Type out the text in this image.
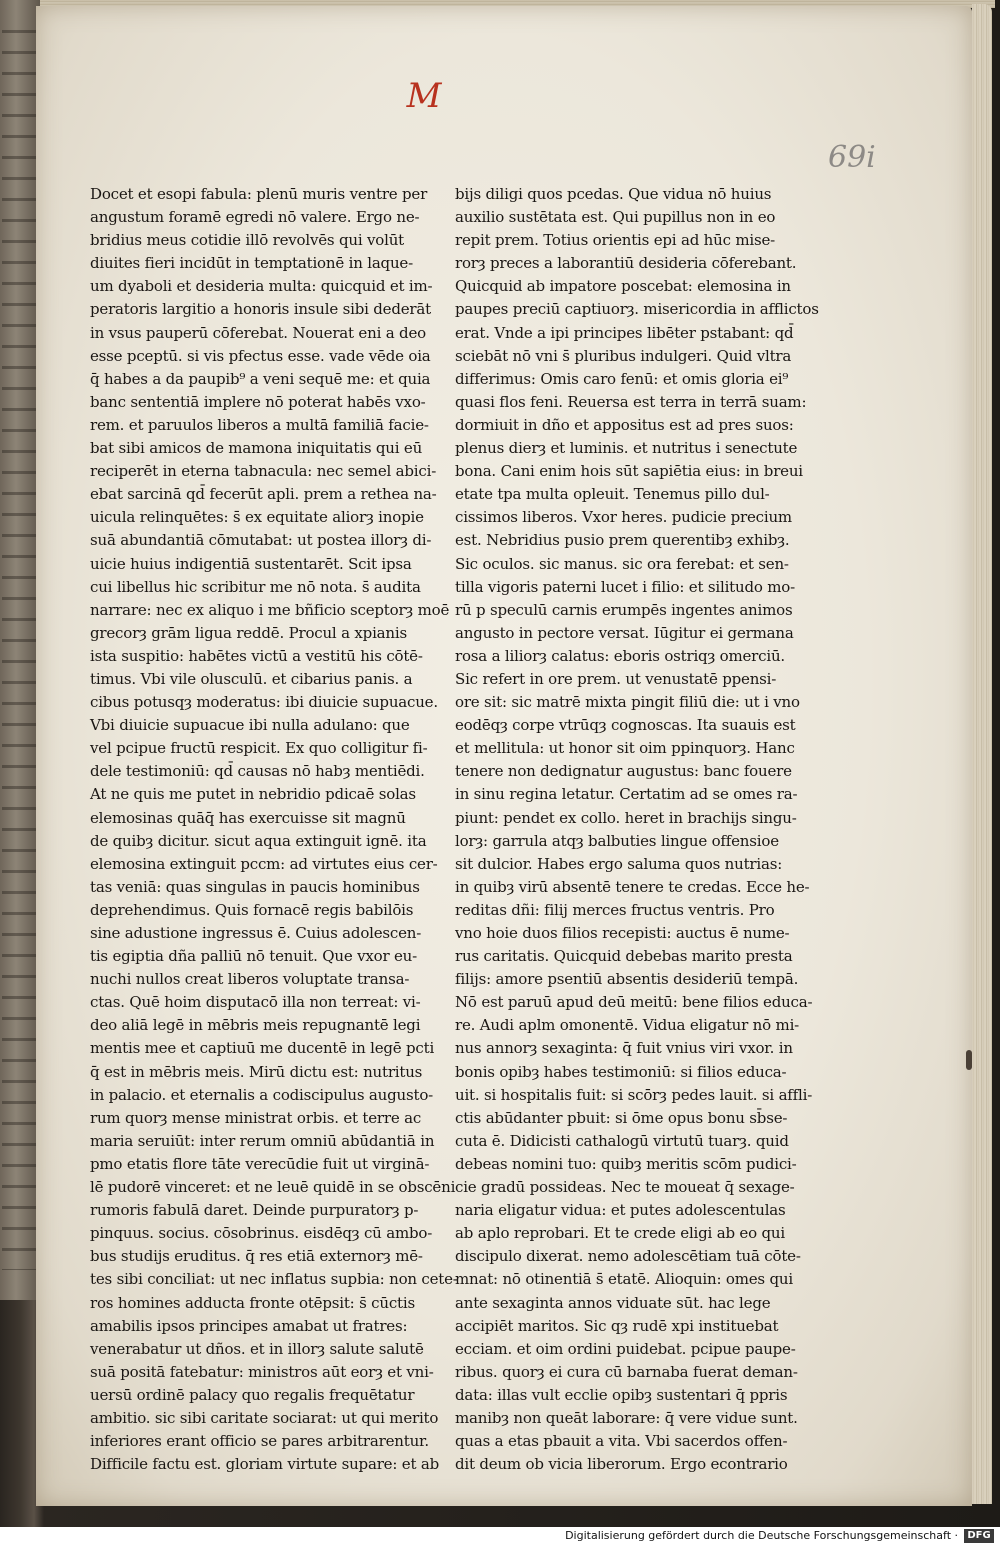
M
69i
Docet et esopi fabula: plenū muris ventre per
angustum foramē egredi nō valere. Ergo ne-
bridius meus cotidie illō revolvēs qui volūt
diuites fieri incidūt in temptationē in laque-
um dyaboli et desideria multa: quicquid et im-
peratoris largitio a honoris insule sibi dederāt
in vsus pauperū cōferebat. Nouerat eni a deo
esse pceptū. si vis pfectus esse. vade vēde oia
q̄ habes a da paupib⁹ a veni sequē me: et quia
banc sententiā implere nō poterat habēs vxo-
rem. et paruulos liberos a multā familiā facie-
bat sibi amicos de mamona iniquitatis qui eū
reciperēt in eterna tabnacula: nec semel abici-
ebat sarcinā qd̄ fecerūt apli. prem a rethea na-
uicula relinquētes: s̄ ex equitate aliorȝ inopie
suā abundantiā cōmutabat: ut postea illorȝ di-
uicie huius indigentiā sustentarēt. Scit ipsa
cui libellus hic scribitur me nō nota. s̄ audita
narrare: nec ex aliquo i me bñficio sceptorȝ moē
grecorȝ grām ligua reddē. Procul a xpianis
ista suspitio: habētes victū a vestitū his cōtē-
timus. Vbi vile olusculū. et cibarius panis. a
cibus potusqȝ moderatus: ibi diuicie supuacue.
Vbi diuicie supuacue ibi nulla adulano: que
vel pcipue fructū respicit. Ex quo colligitur fi-
dele testimoniū: qd̄ causas nō habȝ mentiēdi.
At ne quis me putet in nebridio pdicaē solas
elemosinas quāq̄ has exercuisse sit magnū
de quibȝ dicitur. sicut aqua extinguit ignē. ita
elemosina extinguit pccm: ad virtutes eius cer-
tas veniā: quas singulas in paucis hominibus
deprehendimus. Quis fornacē regis babilōis
sine adustione ingressus ē. Cuius adolescen-
tis egiptia dña palliū nō tenuit. Que vxor eu-
nuchi nullos creat liberos voluptate transa-
ctas. Quē hoim disputacō illa non terreat: vi-
deo aliā legē in mēbris meis repugnantē legi
mentis mee et captiuū me ducentē in legē pcti
q̄ est in mēbris meis. Mirū dictu est: nutritus
in palacio. et eternalis a codiscipulus augusto-
rum quorȝ mense ministrat orbis. et terre ac
maria seruiūt: inter rerum omniū abūdantiā in
pmo etatis flore tāte verecūdie fuit ut virginā-
lē pudorē vinceret: et ne leuē quidē in se obscēni
rumoris fabulā daret. Deinde purpuratorȝ p-
pinquus. socius. cōsobrinus. eisdēqȝ cū ambo-
bus studijs eruditus. q̄ res etiā externorȝ mē-
tes sibi conciliat: ut nec inflatus supbia: non cete-
ros homines adducta fronte otēpsit: s̄ cūctis
amabilis ipsos principes amabat ut fratres:
venerabatur ut dños. et in illorȝ salute salutē
suā positā fatebatur: ministros aūt eorȝ et vni-
uersū ordinē palacy quo regalis frequētatur
ambitio. sic sibi caritate sociarat: ut qui merito
inferiores erant officio se pares arbitrarentur.
Difficile factu est. gloriam virtute supare: et ab
bijs diligi quos pcedas. Que vidua nō huius
auxilio sustētata est. Qui pupillus non in eo
repit prem. Totius orientis epi ad hūc mise-
rorȝ preces a laborantiū desideria cōferebant.
Quicquid ab impatore poscebat: elemosina in
paupes preciū captiuorȝ. misericordia in afflictos
erat. Vnde a ipi principes libēter pstabant: qd̄
sciebāt nō vni s̄ pluribus indulgeri. Quid vltra
differimus: Omis caro fenū: et omis gloria ei⁹
quasi flos feni. Reuersa est terra in terrā suam:
dormiuit in dño et appositus est ad pres suos:
plenus dierȝ et luminis. et nutritus i senectute
bona. Cani enim hois sūt sapiētia eius: in breui
etate tpa multa opleuit. Tenemus pillo dul-
cissimos liberos. Vxor heres. pudicie precium
est. Nebridius pusio prem querentibȝ exhibȝ.
Sic oculos. sic manus. sic ora ferebat: et sen-
tilla vigoris paterni lucet i filio: et silitudo mo-
rū p speculū carnis erumpēs ingentes animos
angusto in pectore versat. Iūgitur ei germana
rosa a liliorȝ calatus: eboris ostriqȝ omerciū.
Sic refert in ore prem. ut venustatē ppensi-
ore sit: sic matrē mixta pingit filiū die: ut i vno
eodēqȝ corpe vtrūqȝ cognoscas. Ita suauis est
et mellitula: ut honor sit oim ppinquorȝ. Hanc
tenere non dedignatur augustus: banc fouere
in sinu regina letatur. Certatim ad se omes ra-
piunt: pendet ex collo. heret in brachijs singu-
lorȝ: garrula atqȝ balbuties lingue offensioe
sit dulcior. Habes ergo saluma quos nutrias:
in quibȝ virū absentē tenere te credas. Ecce he-
reditas dñi: filij merces fructus ventris. Pro
vno hoie duos filios recepisti: auctus ē nume-
rus caritatis. Quicquid debebas marito presta
filijs: amore psentiū absentis desideriū tempā.
Nō est paruū apud deū meitū: bene filios educa-
re. Audi aplm omonentē. Vidua eligatur nō mi-
nus annorȝ sexaginta: q̄ fuit vnius viri vxor. in
bonis opibȝ habes testimoniū: si filios educa-
uit. si hospitalis fuit: si scōrȝ pedes lauit. si affli-
ctis abūdanter pbuit: si ōme opus bonu sb̄se-
cuta ē. Didicisti cathalogū virtutū tuarȝ. quid
debeas nomini tuo: quibȝ meritis scōm pudici-
cie gradū possideas. Nec te moueat q̄ sexage-
naria eligatur vidua: et putes adolescentulas
ab aplo reprobari. Et te crede eligi ab eo qui
discipulo dixerat. nemo adolescētiam tuā cōte-
mnat: nō otinentiā s̄ etatē. Alioquin: omes qui
ante sexaginta annos viduate sūt. hac lege
accipiēt maritos. Sic qȝ rudē xpi instituebat
ecciam. et oim ordini puidebat. pcipue paupe-
ribus. quorȝ ei cura cū barnaba fuerat deman-
data: illas vult ecclie opibȝ sustentari q̄ ppris
manibȝ non queāt laborare: q̄ vere vidue sunt.
quas a etas pbauit a vita. Vbi sacerdos offen-
dit deum ob vicia liberorum. Ergo econtrario
Digitalisierung gefördert durch die Deutsche Forschungsgemeinschaft · DFG
